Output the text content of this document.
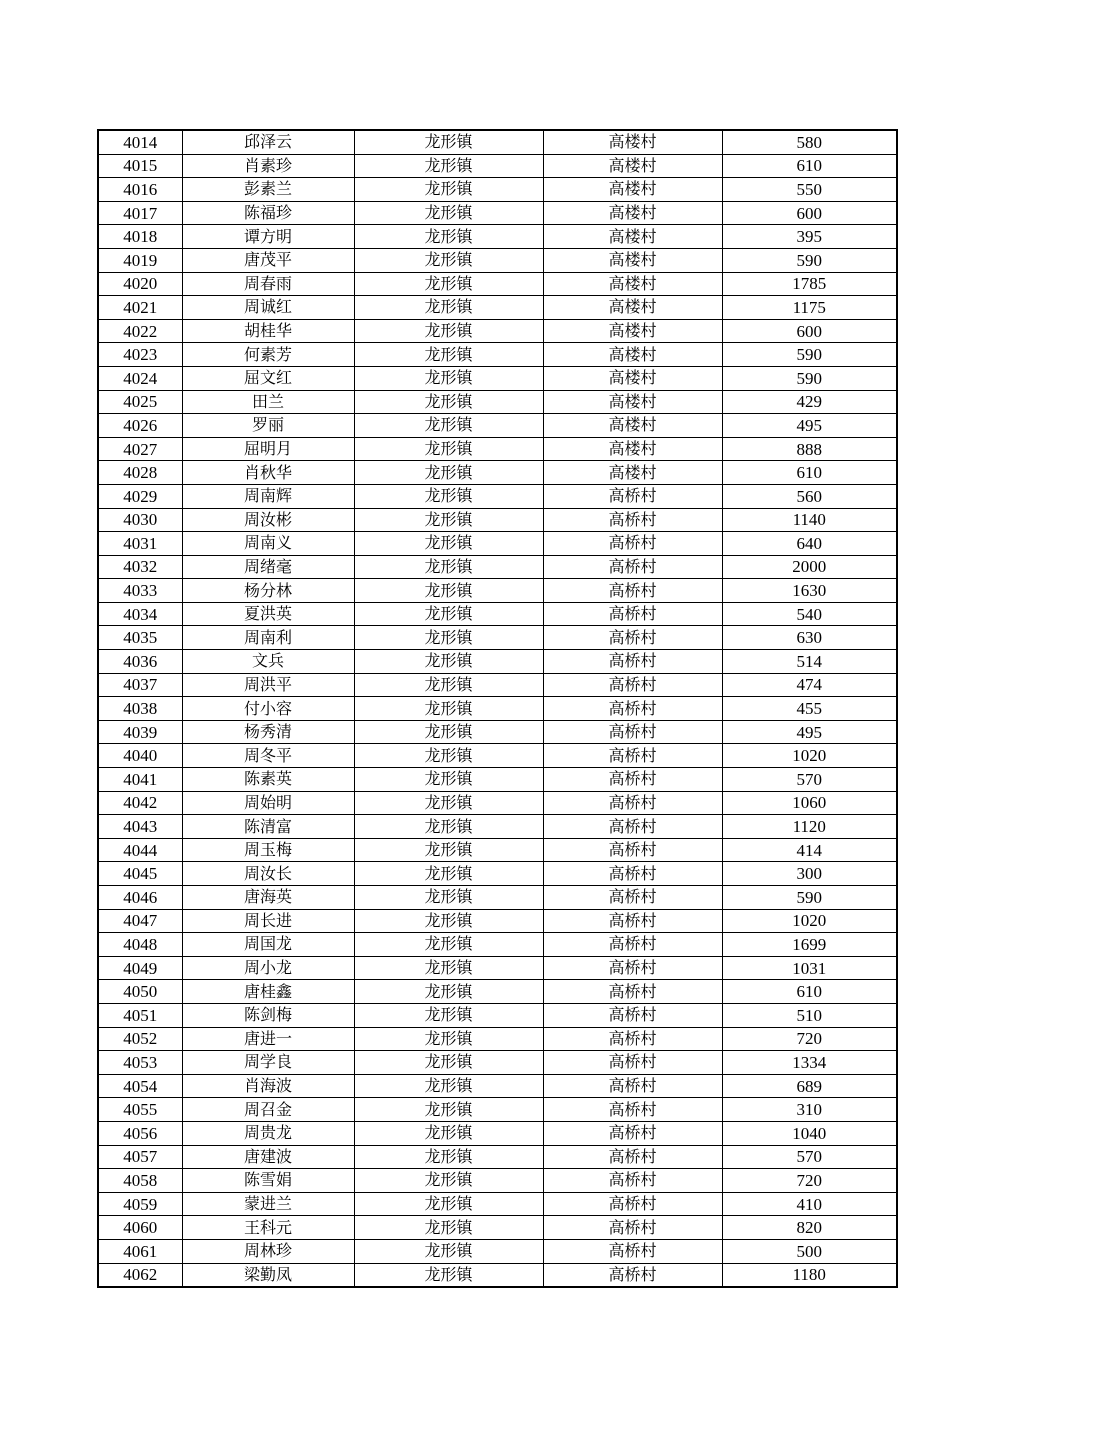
4014	邱泽云	龙形镇	高楼村	580
4015	肖素珍	龙形镇	高楼村	610
4016	彭素兰	龙形镇	高楼村	550
4017	陈福珍	龙形镇	高楼村	600
4018	谭方明	龙形镇	高楼村	395
4019	唐茂平	龙形镇	高楼村	590
4020	周春雨	龙形镇	高楼村	1785
4021	周诚红	龙形镇	高楼村	1175
4022	胡桂华	龙形镇	高楼村	600
4023	何素芳	龙形镇	高楼村	590
4024	屈文红	龙形镇	高楼村	590
4025	田兰	龙形镇	高楼村	429
4026	罗丽	龙形镇	高楼村	495
4027	屈明月	龙形镇	高楼村	888
4028	肖秋华	龙形镇	高楼村	610
4029	周南辉	龙形镇	高桥村	560
4030	周汝彬	龙形镇	高桥村	1140
4031	周南义	龙形镇	高桥村	640
4032	周绪毫	龙形镇	高桥村	2000
4033	杨分林	龙形镇	高桥村	1630
4034	夏洪英	龙形镇	高桥村	540
4035	周南利	龙形镇	高桥村	630
4036	文兵	龙形镇	高桥村	514
4037	周洪平	龙形镇	高桥村	474
4038	付小容	龙形镇	高桥村	455
4039	杨秀清	龙形镇	高桥村	495
4040	周冬平	龙形镇	高桥村	1020
4041	陈素英	龙形镇	高桥村	570
4042	周始明	龙形镇	高桥村	1060
4043	陈清富	龙形镇	高桥村	1120
4044	周玉梅	龙形镇	高桥村	414
4045	周汝长	龙形镇	高桥村	300
4046	唐海英	龙形镇	高桥村	590
4047	周长进	龙形镇	高桥村	1020
4048	周国龙	龙形镇	高桥村	1699
4049	周小龙	龙形镇	高桥村	1031
4050	唐桂鑫	龙形镇	高桥村	610
4051	陈剑梅	龙形镇	高桥村	510
4052	唐进一	龙形镇	高桥村	720
4053	周学良	龙形镇	高桥村	1334
4054	肖海波	龙形镇	高桥村	689
4055	周召金	龙形镇	高桥村	310
4056	周贵龙	龙形镇	高桥村	1040
4057	唐建波	龙形镇	高桥村	570
4058	陈雪娟	龙形镇	高桥村	720
4059	蒙进兰	龙形镇	高桥村	410
4060	王科元	龙形镇	高桥村	820
4061	周林珍	龙形镇	高桥村	500
4062	梁勤凤	龙形镇	高桥村	1180
